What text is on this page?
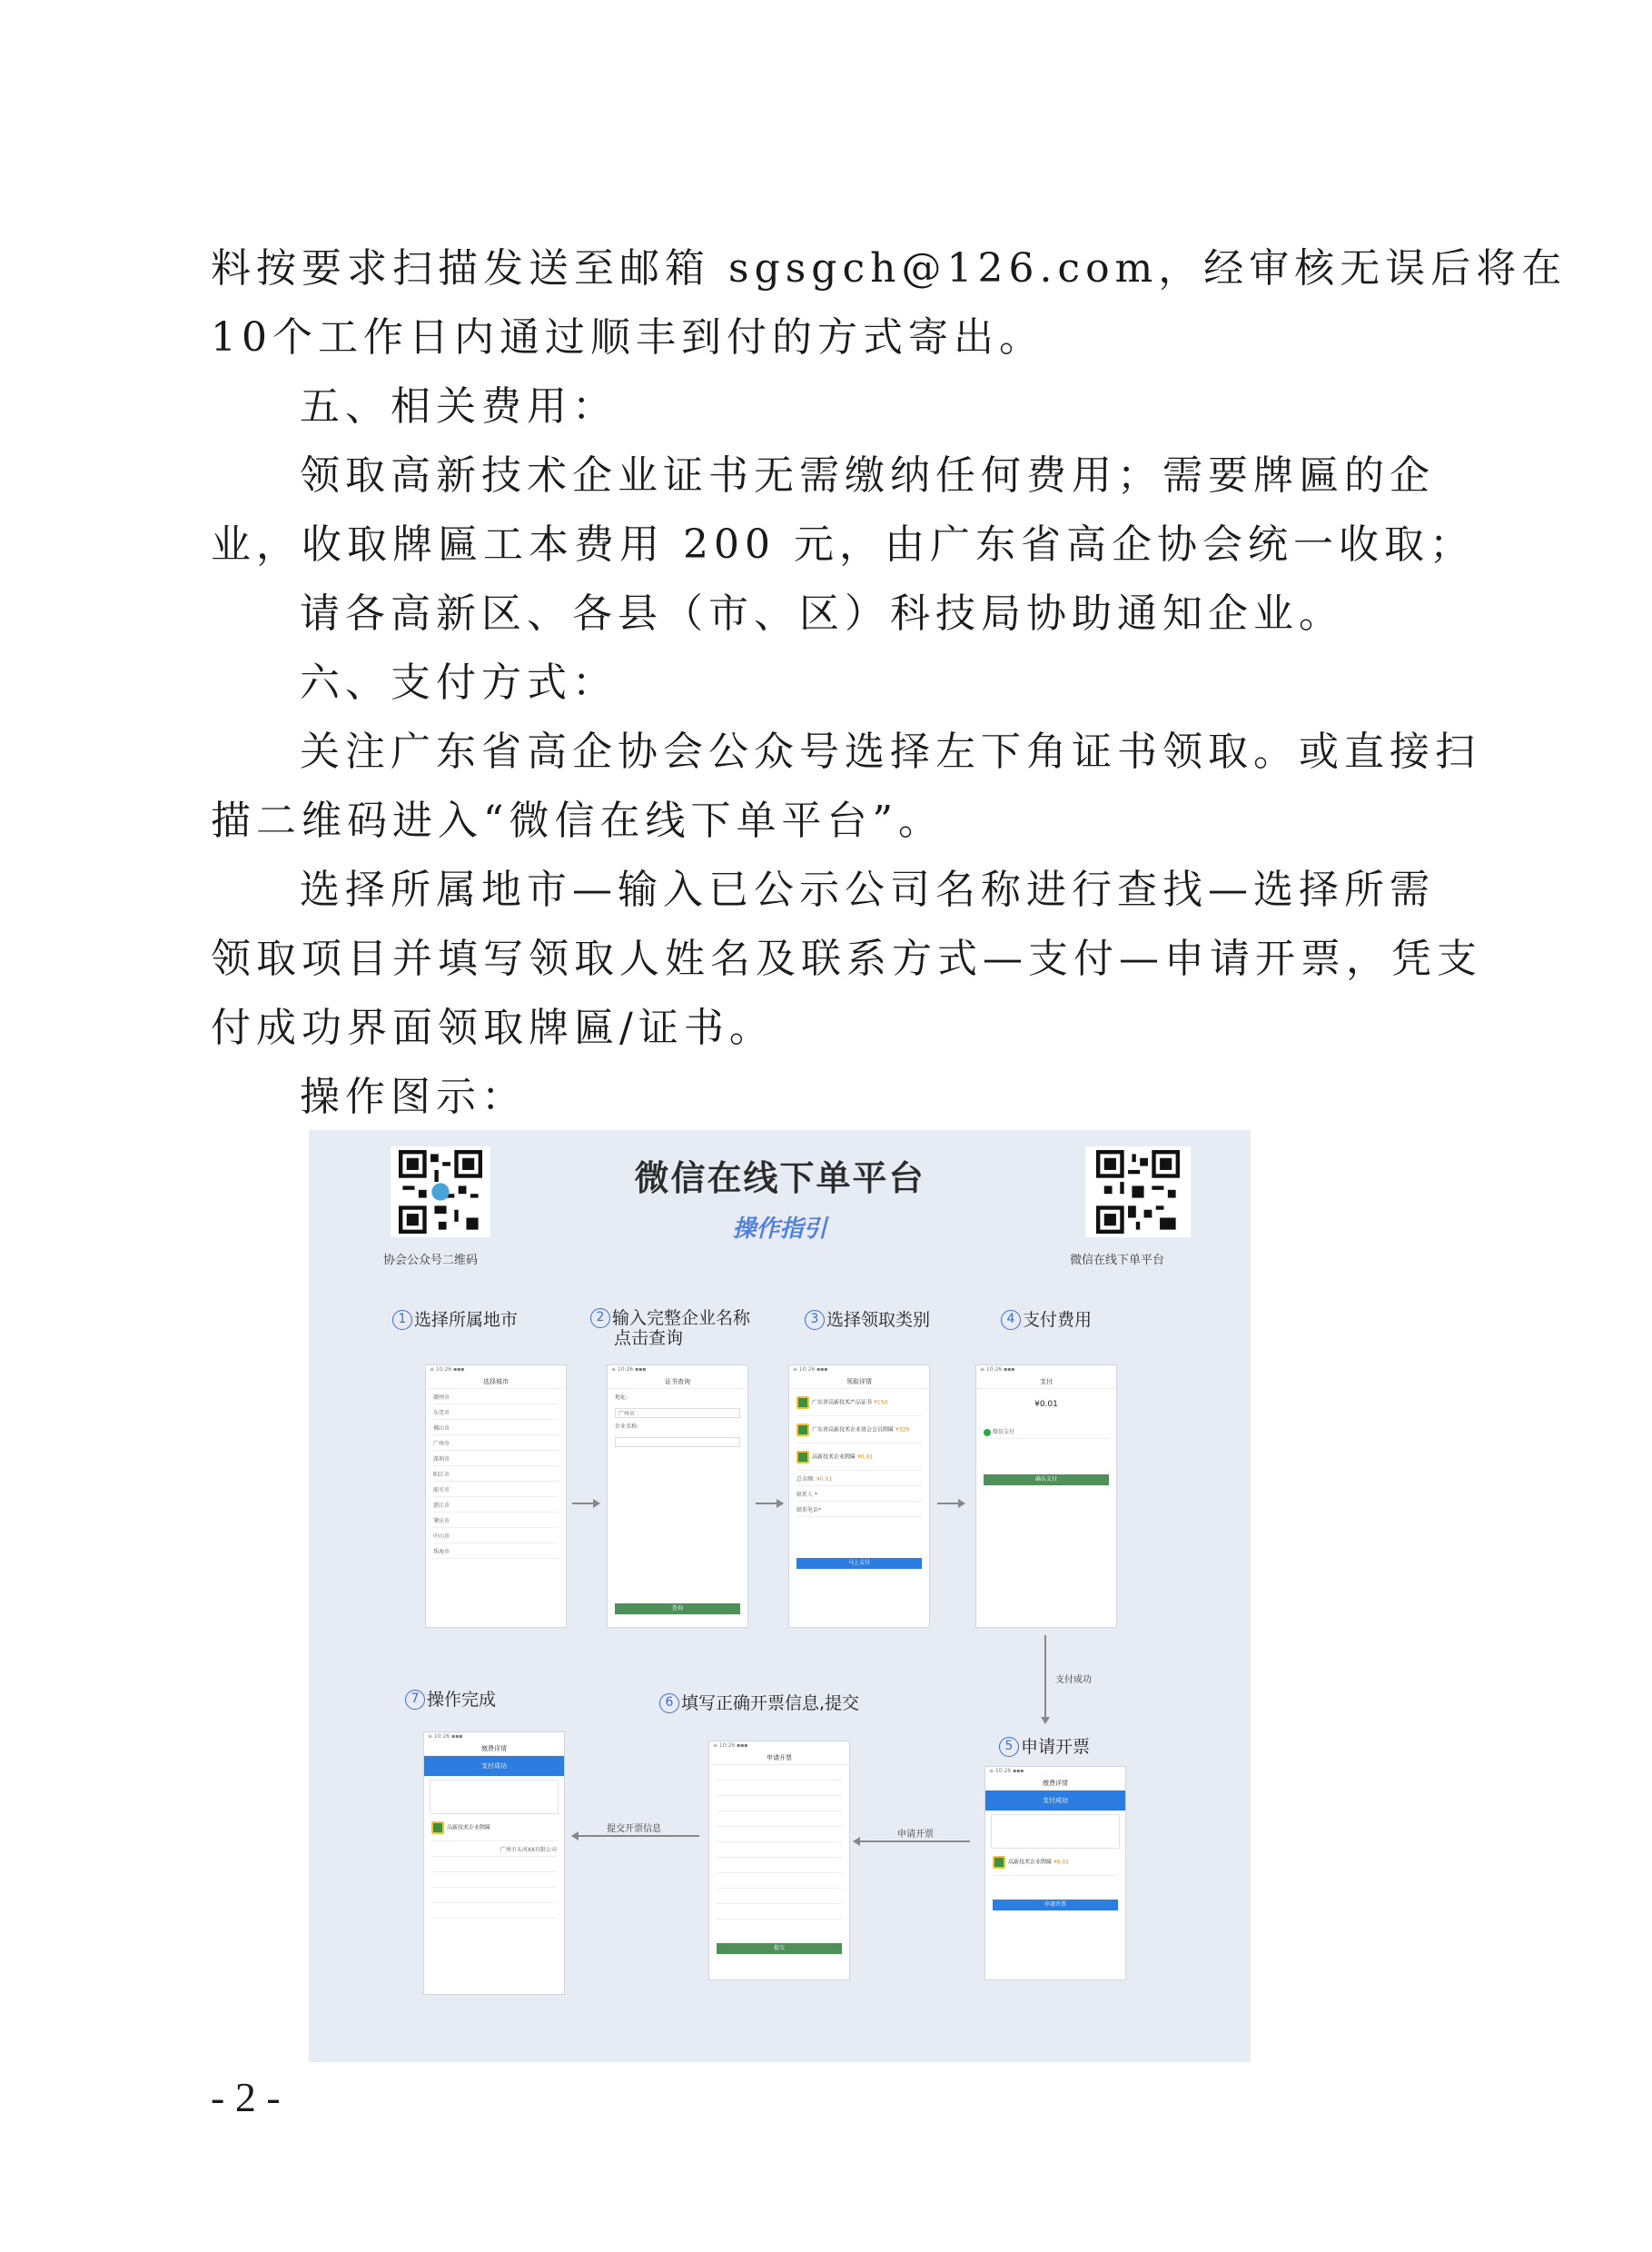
料按要求扫描发送至邮箱 sgsgch@126.com，经审核无误后将在
10个工作日内通过顺丰到付的方式寄出。
五、相关费用：
领取高新技术企业证书无需缴纳任何费用；需要牌匾的企
业，收取牌匾工本费用 200 元，由广东省高企协会统一收取；
请各高新区、各县（市、区）科技局协助通知企业。
六、支付方式：
关注广东省高企协会公众号选择左下角证书领取。或直接扫
描二维码进入“微信在线下单平台”。
选择所属地市—输入已公示公司名称进行查找—选择所需
领取项目并填写领取人姓名及联系方式—支付—申请开票，凭支
付成功界面领取牌匾/证书。
操作图示：
协会公众号二维码	微信在线下单平台
微信在线下单平台
操作指引
1 选择所属地市	2 输入完整企业名称
点击查询
3 选择领取类别	4 支付费用
5 申请开票
6 填写正确开票信息,提交
7 操作完成
≡ 10:26 ▪▪▪
选择城市
潮州市
东莞市
佛山市
广州市
深圳市
阳江市
韶关市
湛江市
肇庆市
中山市
珠海市
≡ 10:26 ▪▪▪
证书查询
地址:
广州市
企业名称:
查询
≡ 10:26 ▪▪▪
领取详情
广东省高新技术产品证书 ¥150
广东省高新技术企业协会会员牌匾 ¥320
高新技术企业牌匾 ¥0.01
总金额: ¥0.01
联系人 *
联系电话*
马上支付
≡ 10:26 ▪▪▪
支付
¥0.01
微信支付
确认支付
支付成功
≡ 10:26 ▪▪▪
缴费详情
支付成功
高新技术企业牌匾 ¥0.01
申请开票
申请开票
≡ 10:26 ▪▪▪
申请开票
提交
提交开票信息
≡ 10:26 ▪▪▪
缴费详情
支付成功
高新技术企业牌匾
广州市天河XX有限公司
- 2 -
